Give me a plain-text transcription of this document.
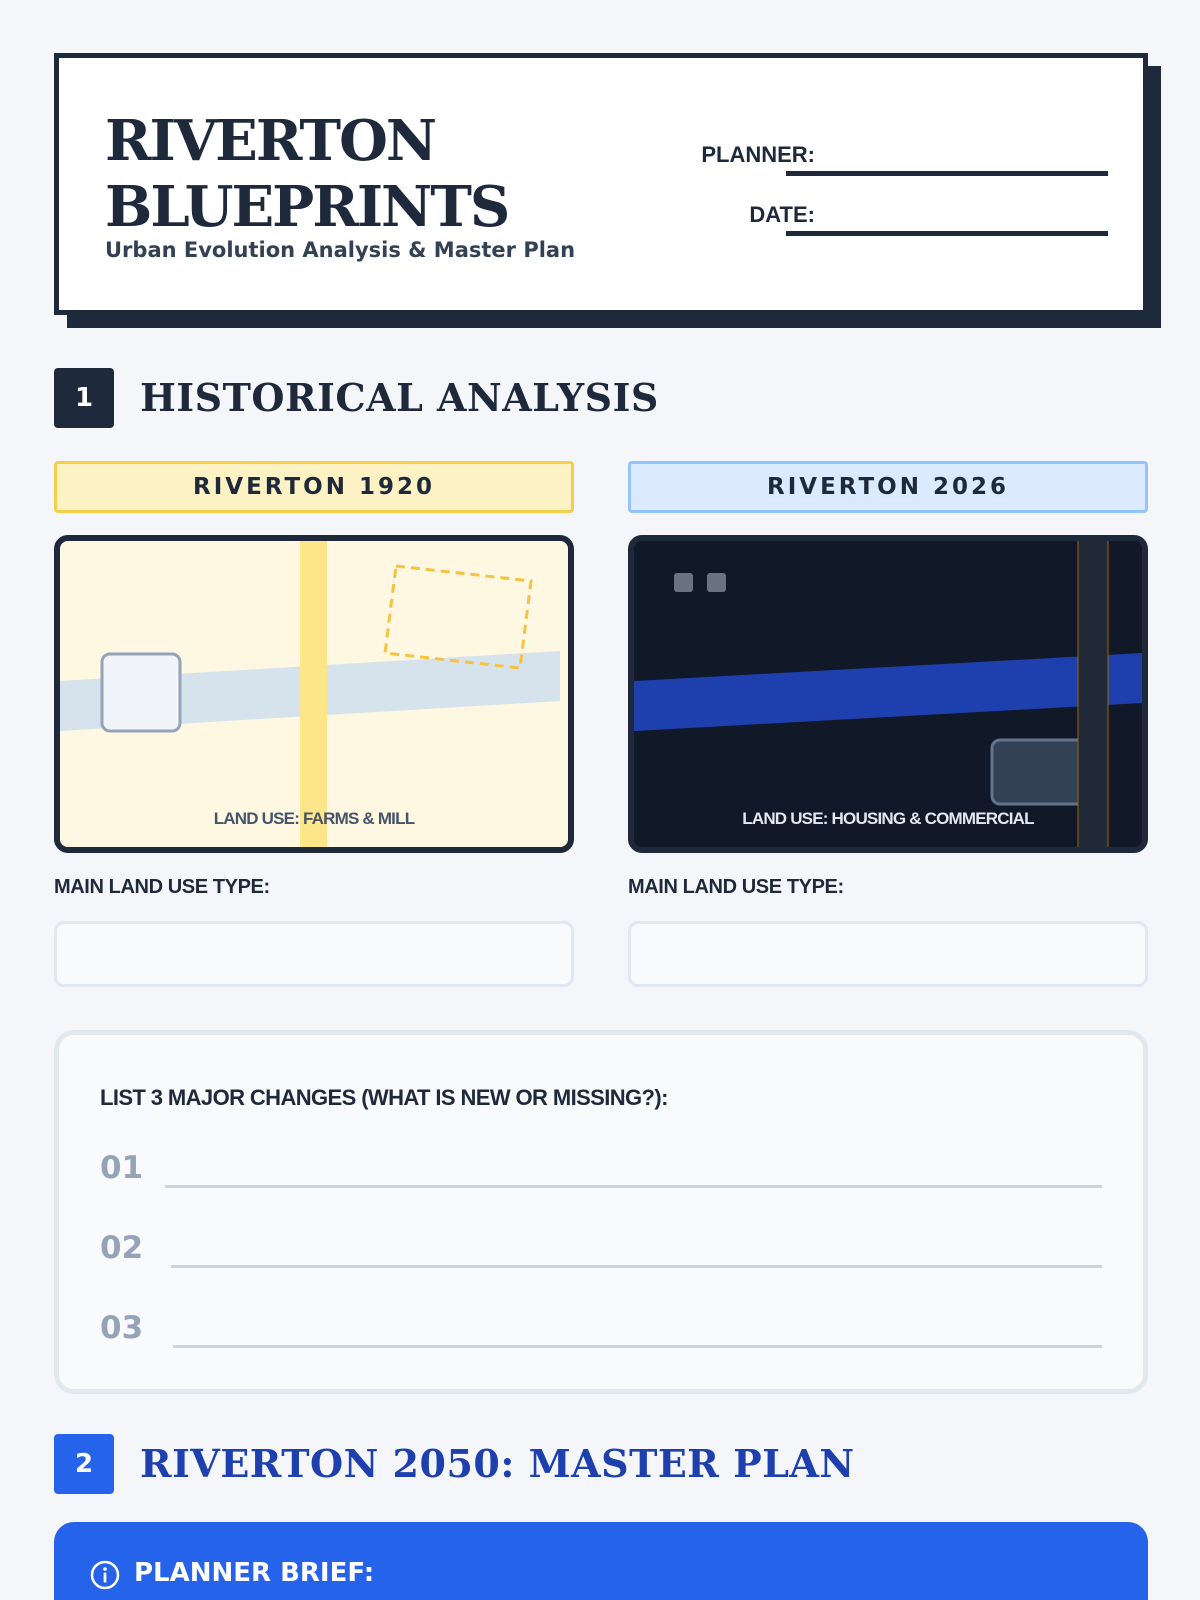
RIVERTON
BLUEPRINTS
Urban Evolution Analysis & Master Plan
PLANNER:
DATE:
1	HISTORICAL ANALYSIS
RIVERTON 1920	RIVERTON 2026
LAND USE: FARMS & MILL	LAND USE: HOUSING & COMMERCIAL
MAIN LAND USE TYPE:	MAIN LAND USE TYPE:
LIST 3 MAJOR CHANGES (WHAT IS NEW OR MISSING?):
01
02
03
2	RIVERTON 2050: MASTER PLAN
PLANNER BRIEF:
